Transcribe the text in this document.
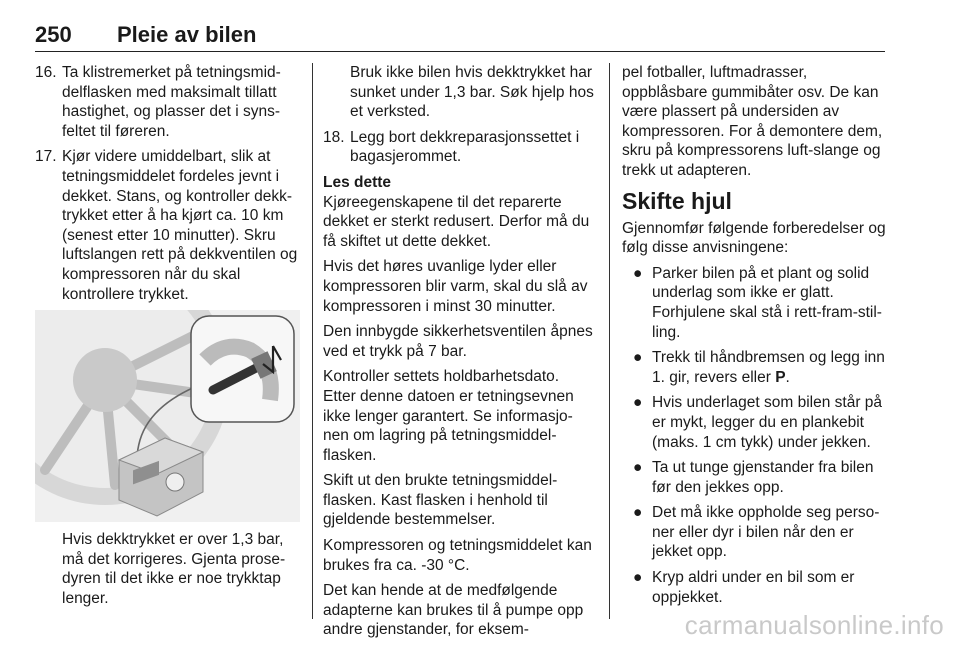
250 Pleie av bilen
16. Ta klistremerket på tetningsmid-delflasken med maksimalt tillatt hastighet, og plasser det i syns-feltet til føreren.
17. Kjør videre umiddelbart, slik at tetningsmiddelet fordeles jevnt i dekket. Stans, og kontroller dekk-trykket etter å ha kjørt ca. 10 km (senest etter 10 minutter). Skru luftslangen rett på dekkventilen og kompressoren når du skal kontrollere trykket.

Hvis dekktrykket er over 1,3 bar, må det korrigeres. Gjenta prose-dyren til det ikke er noe trykktap lenger.

Bruk ikke bilen hvis dekktrykket har sunket under 1,3 bar. Søk hjelp hos et verksted.

18. Legg bort dekkreparasjonssettet i bagasjerommet.

Les dette

Kjøreegenskapene til det reparerte dekket er sterkt redusert. Derfor må du få skiftet ut dette dekket.

Hvis det høres uvanlige lyder eller kompressoren blir varm, skal du slå av kompressoren i minst 30 minutter.

Den innbygde sikkerhetsventilen åpnes ved et trykk på 7 bar.

Kontroller settets holdbarhetsdato. Etter denne datoen er tetningsevnen ikke lenger garantert. Se informasjo-nen om lagring på tetningsmiddel-flasken.

Skift ut den brukte tetningsmiddel-flasken. Kast flasken i henhold til gjeldende bestemmelser.

Kompressoren og tetningsmiddelet kan brukes fra ca. -30 °C.

Det kan hende at de medfølgende adapterne kan brukes til å pumpe opp andre gjenstander, for eksem-

pel fotballer, luftmadrasser, oppblåsbare gummibåter osv. De kan være plassert på undersiden av kompressoren. For å demontere dem, skru på kompressorens luft-slange og trekk ut adapteren.

Skifte hjul

Gjennomfør følgende forberedelser og følg disse anvisningene:

● Parker bilen på et plant og solid underlag som ikke er glatt. Forhjulene skal stå i rett-fram-stil-ling.
● Trekk til håndbremsen og legg inn 1. gir, revers eller P.
● Hvis underlaget som bilen står på er mykt, legger du en plankebit (maks. 1 cm tykk) under jekken.
● Ta ut tunge gjenstander fra bilen før den jekkes opp.
● Det må ikke oppholde seg perso-ner eller dyr i bilen når den er jekket opp.
● Kryp aldri under en bil som er oppjekket.
carmanualsonline.info
